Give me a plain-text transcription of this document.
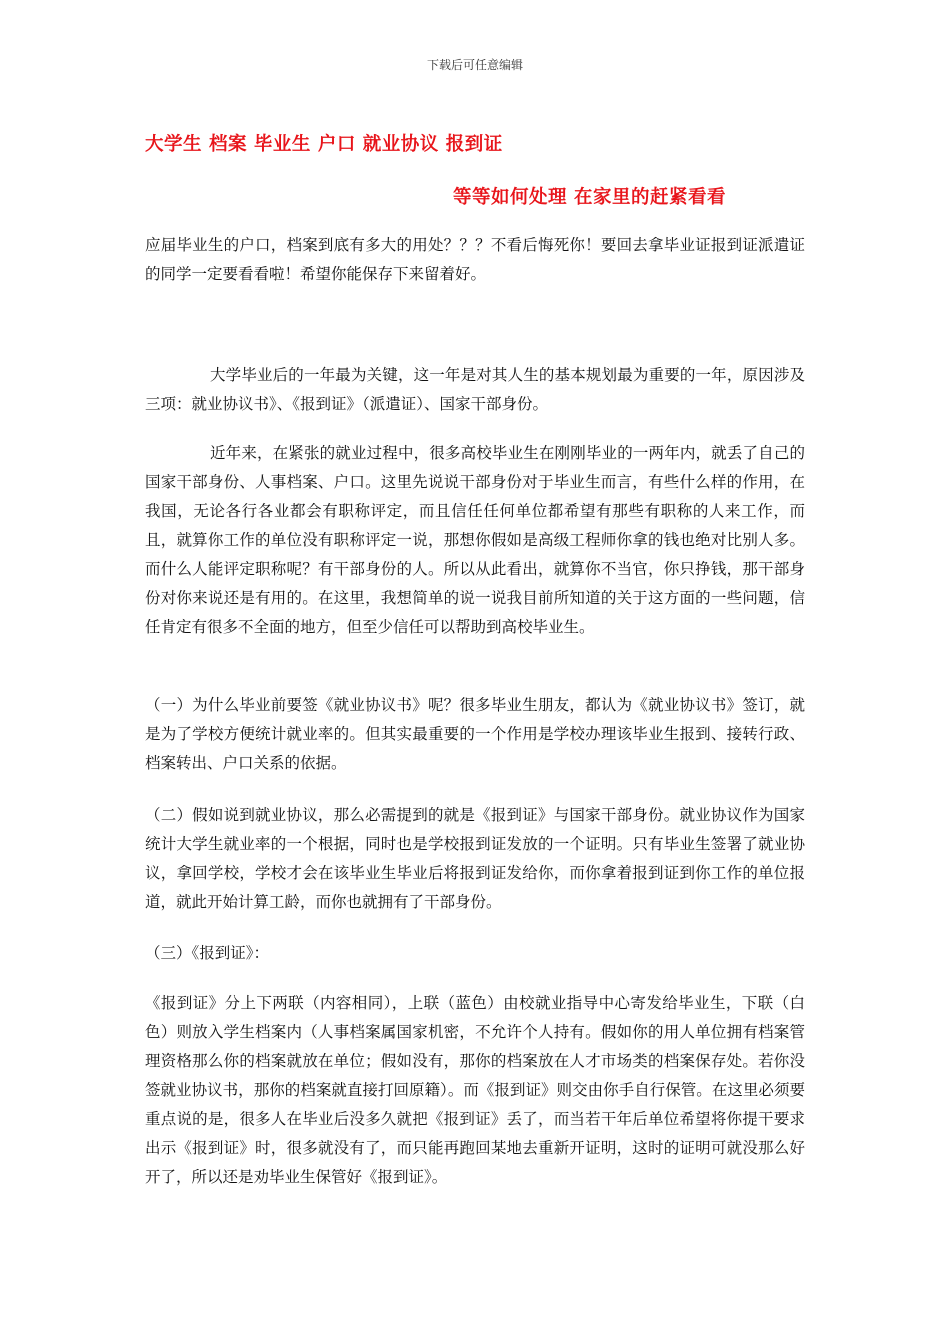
下载后可任意编辑
大学生 档案 毕业生 户口 就业协议 报到证
等等如何处理 在家里的赶紧看看

应届毕业生的户口，档案到底有多大的用处？？？不看后悔死你！要回去拿毕业证报到证派遣证的同学一定要看看啦！希望你能保存下来留着好。

大学毕业后的一年最为关键，这一年是对其人生的基本规划最为重要的一年，原因涉及三项：就业协议书》、《报到证》（派遣证）、国家干部身份。

近年来，在紧张的就业过程中，很多高校毕业生在刚刚毕业的一两年内，就丢了自己的国家干部身份、人事档案、户口。这里先说说干部身份对于毕业生而言，有些什么样的作用，在我国，无论各行各业都会有职称评定，而且信任任何单位都希望有那些有职称的人来工作，而且，就算你工作的单位没有职称评定一说，那想你假如是高级工程师你拿的钱也绝对比别人多。而什么人能评定职称呢？有干部身份的人。所以从此看出，就算你不当官，你只挣钱，那干部身份对你来说还是有用的。在这里，我想简单的说一说我目前所知道的关于这方面的一些问题，信任肯定有很多不全面的地方，但至少信任可以帮助到高校毕业生。

（一）为什么毕业前要签《就业协议书》呢？很多毕业生朋友，都认为《就业协议书》签订，就是为了学校方便统计就业率的。但其实最重要的一个作用是学校办理该毕业生报到、接转行政、档案转出、户口关系的依据。

（二）假如说到就业协议，那么必需提到的就是《报到证》与国家干部身份。就业协议作为国家统计大学生就业率的一个根据，同时也是学校报到证发放的一个证明。只有毕业生签署了就业协议，拿回学校，学校才会在该毕业生毕业后将报到证发给你，而你拿着报到证到你工作的单位报道，就此开始计算工龄，而你也就拥有了干部身份。

（三）《报到证》：

《报到证》分上下两联（内容相同），上联（蓝色）由校就业指导中心寄发给毕业生，下联（白色）则放入学生档案内（人事档案属国家机密，不允许个人持有。假如你的用人单位拥有档案管理资格那么你的档案就放在单位；假如没有，那你的档案放在人才市场类的档案保存处。若你没签就业协议书，那你的档案就直接打回原籍）。而《报到证》则交由你手自行保管。在这里必须要重点说的是，很多人在毕业后没多久就把《报到证》丢了，而当若干年后单位希望将你提干要求出示《报到证》时，很多就没有了，而只能再跑回某地去重新开证明，这时的证明可就没那么好开了，所以还是劝毕业生保管好《报到证》。
